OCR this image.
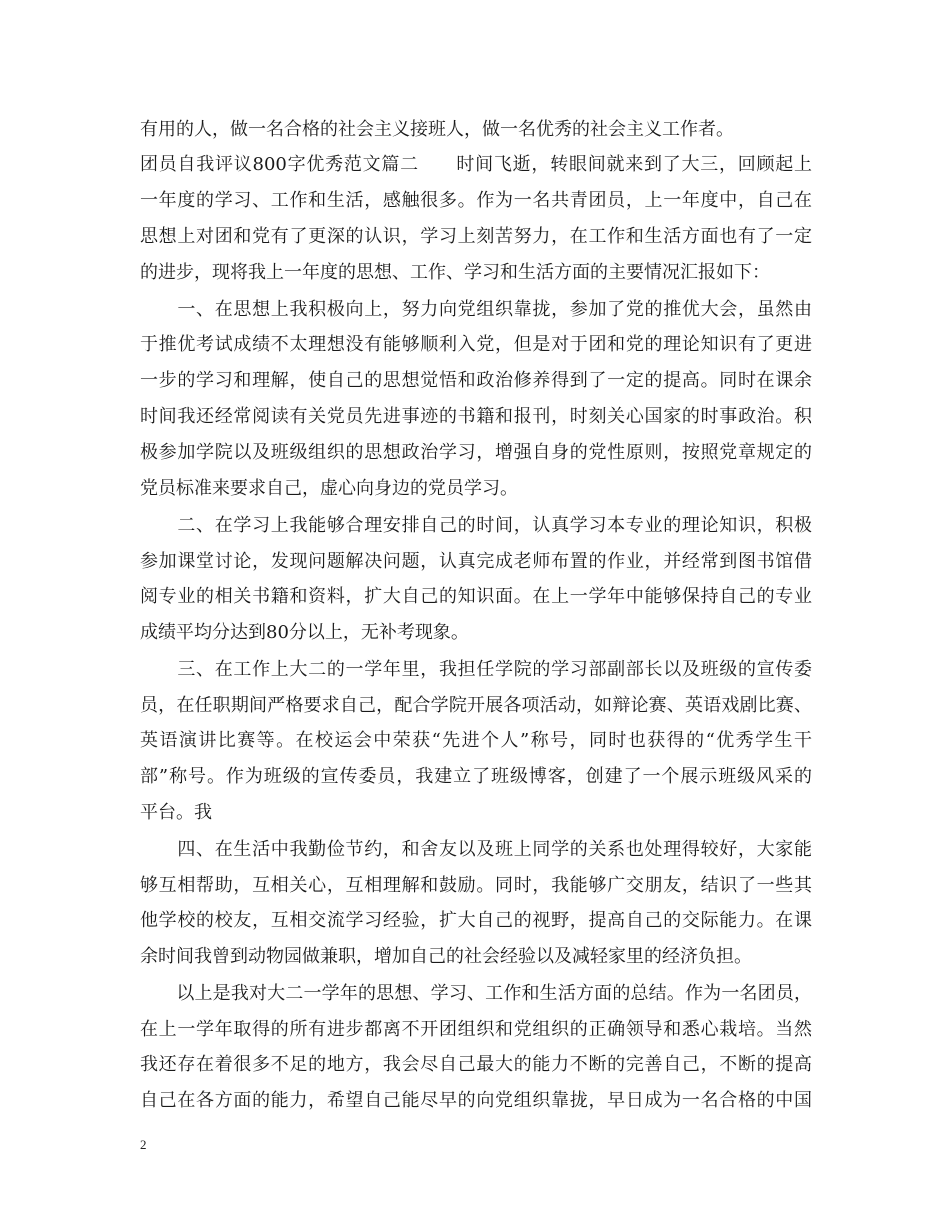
有用的人，做一名合格的社会主义接班人，做一名优秀的社会主义工作者。
团员自我评议800字优秀范文篇二　　时间飞逝，转眼间就来到了大三，回顾起上
一年度的学习、工作和生活，感触很多。作为一名共青团员，上一年度中，自己在
思想上对团和党有了更深的认识，学习上刻苦努力，在工作和生活方面也有了一定
的进步，现将我上一年度的思想、工作、学习和生活方面的主要情况汇报如下：
　　一、在思想上我积极向上，努力向党组织靠拢，参加了党的推优大会，虽然由
于推优考试成绩不太理想没有能够顺利入党，但是对于团和党的理论知识有了更进
一步的学习和理解，使自己的思想觉悟和政治修养得到了一定的提高。同时在课余
时间我还经常阅读有关党员先进事迹的书籍和报刊，时刻关心国家的时事政治。积
极参加学院以及班级组织的思想政治学习，增强自身的党性原则，按照党章规定的
党员标准来要求自己，虚心向身边的党员学习。
　　二、在学习上我能够合理安排自己的时间，认真学习本专业的理论知识，积极
参加课堂讨论，发现问题解决问题，认真完成老师布置的作业，并经常到图书馆借
阅专业的相关书籍和资料，扩大自己的知识面。在上一学年中能够保持自己的专业
成绩平均分达到80分以上，无补考现象。
　　三、在工作上大二的一学年里，我担任学院的学习部副部长以及班级的宣传委
员，在任职期间严格要求自己，配合学院开展各项活动，如辩论赛、英语戏剧比赛、
英语演讲比赛等。在校运会中荣获“先进个人”称号，同时也获得的“优秀学生干
部”称号。作为班级的宣传委员，我建立了班级博客，创建了一个展示班级风采的
平台。我
　　四、在生活中我勤俭节约，和舍友以及班上同学的关系也处理得较好，大家能
够互相帮助，互相关心，互相理解和鼓励。同时，我能够广交朋友，结识了一些其
他学校的校友，互相交流学习经验，扩大自己的视野，提高自己的交际能力。在课
余时间我曾到动物园做兼职，增加自己的社会经验以及减轻家里的经济负担。
　　以上是我对大二一学年的思想、学习、工作和生活方面的总结。作为一名团员，
在上一学年取得的所有进步都离不开团组织和党组织的正确领导和悉心栽培。当然
我还存在着很多不足的地方，我会尽自己最大的能力不断的完善自己，不断的提高
自己在各方面的能力，希望自己能尽早的向党组织靠拢，早日成为一名合格的中国
2
